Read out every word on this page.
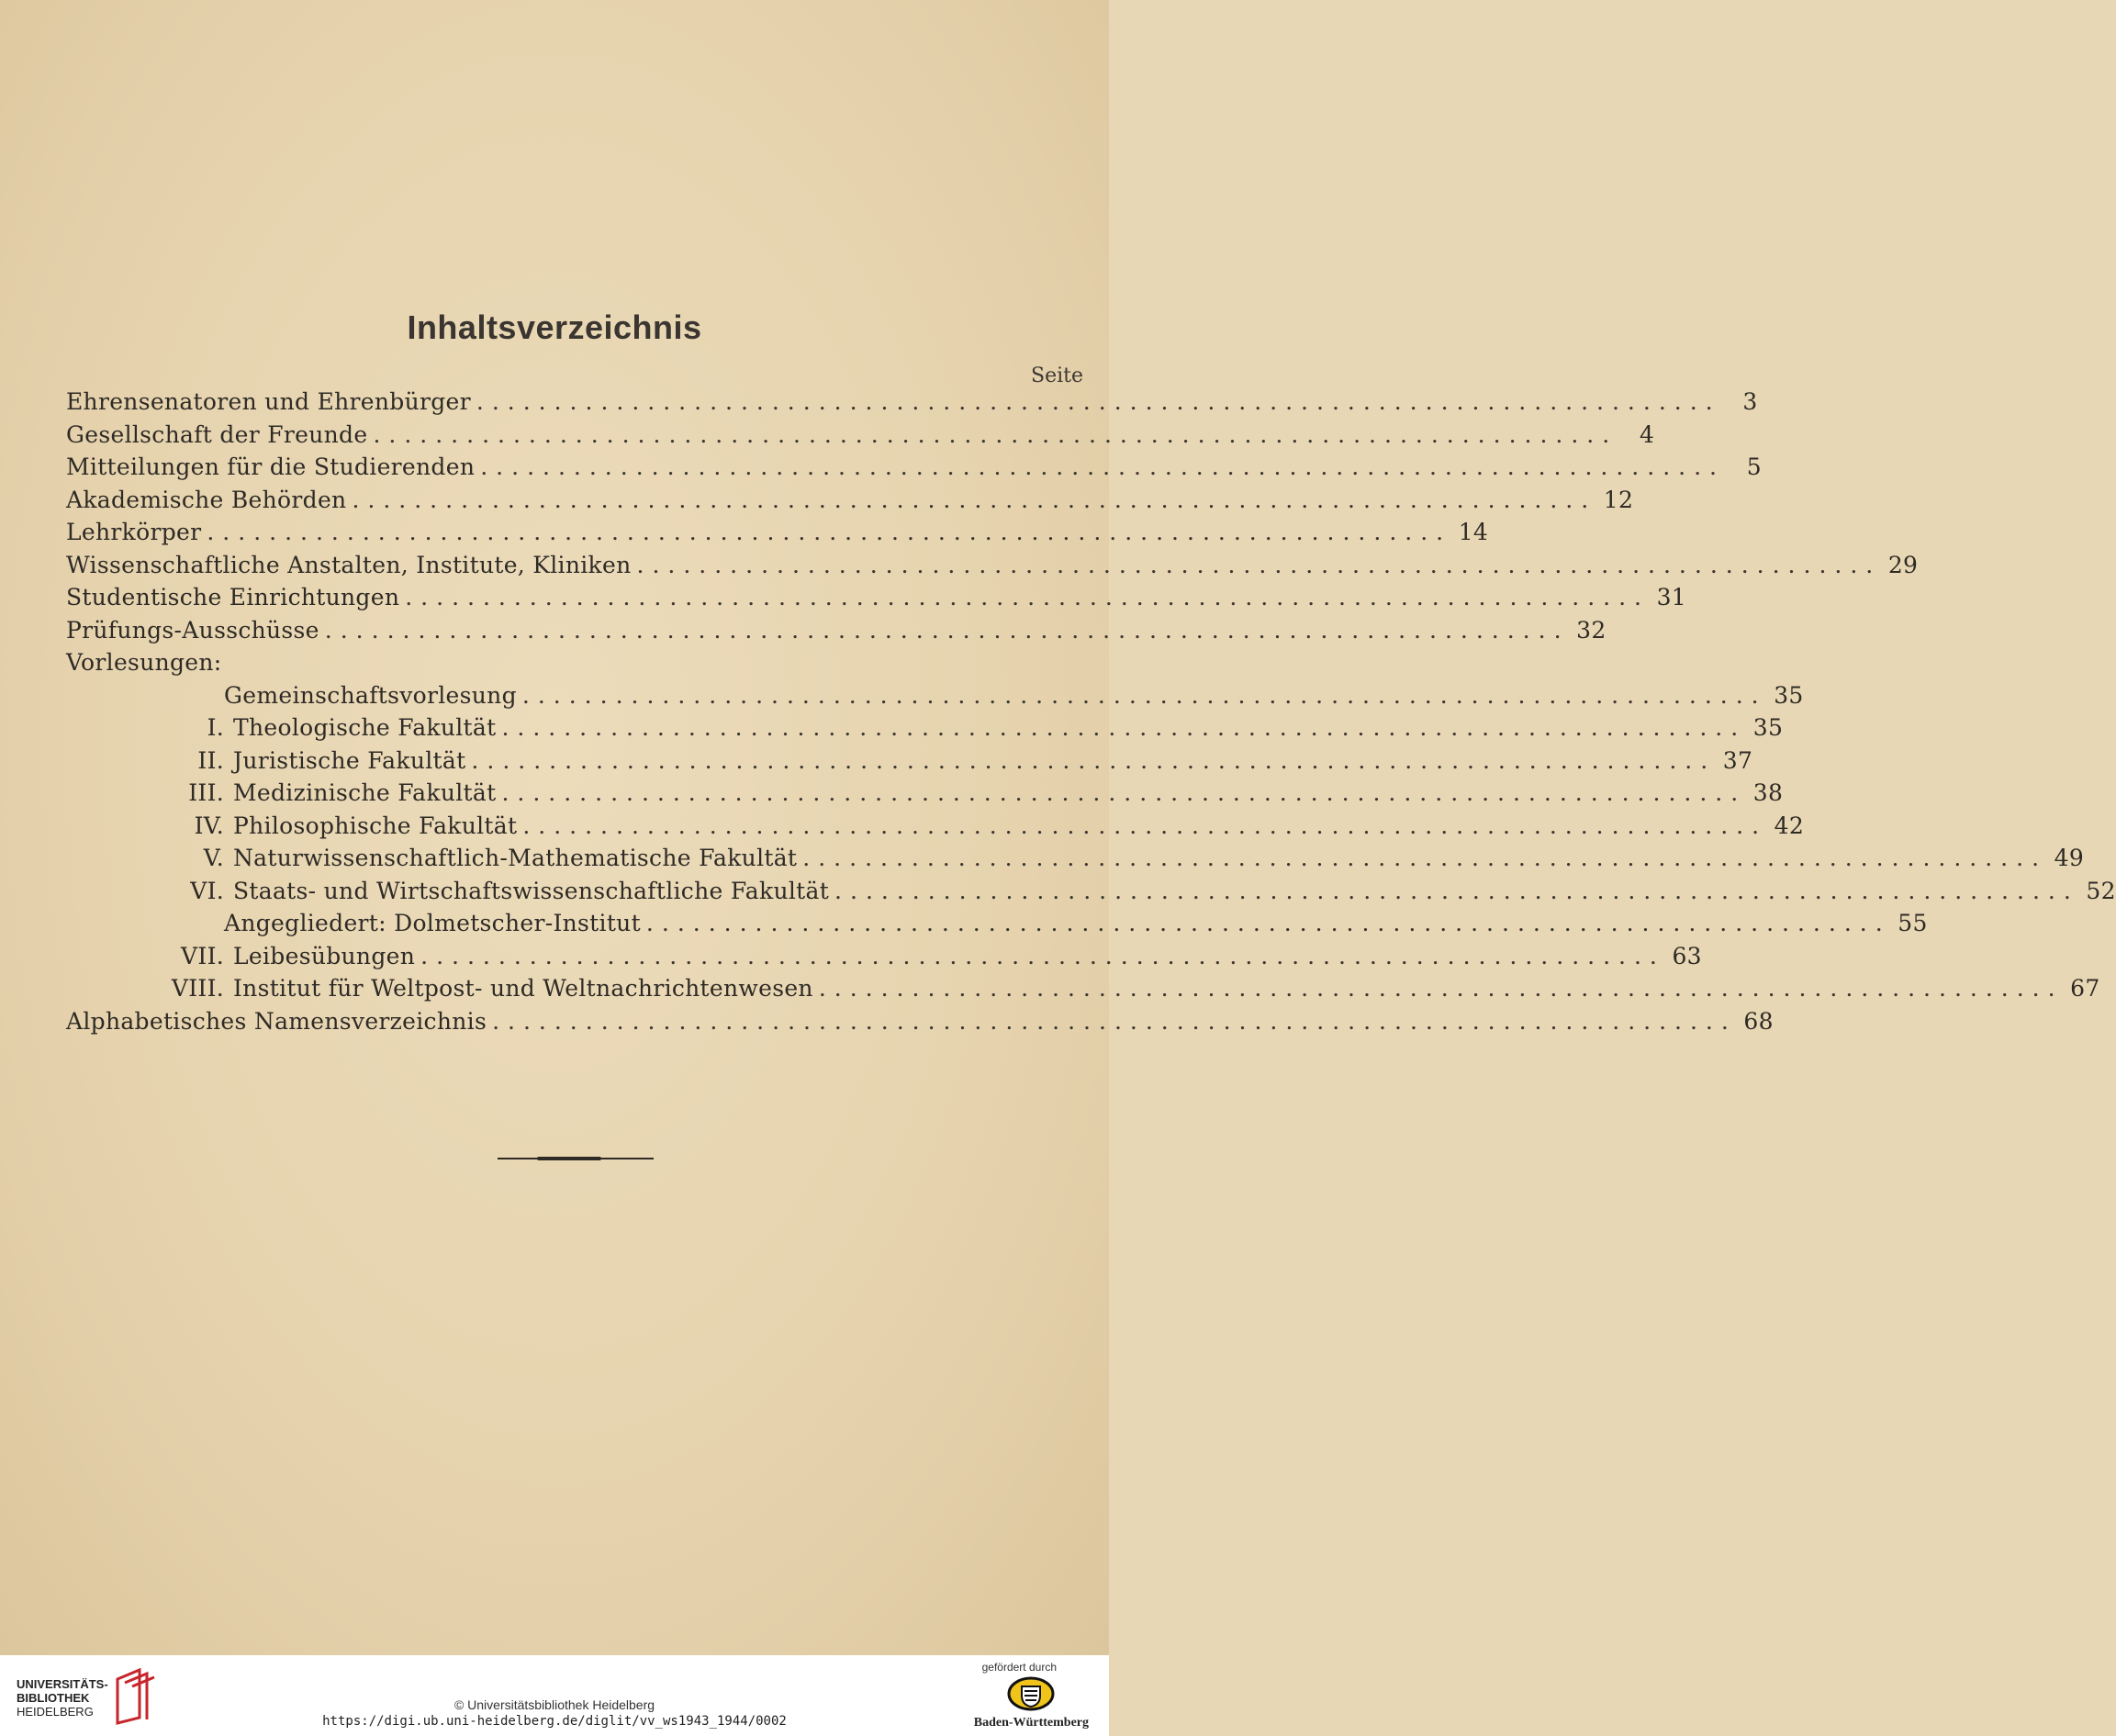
Inhaltsverzeichnis
Seite
Ehrensenatoren und Ehrenbürger ................................................................................ 3
Gesellschaft der Freunde ................................................................................ 4
Mitteilungen für die Studierenden ................................................................................ 5
Akademische Behörden ................................................................................ 12
Lehrkörper ................................................................................ 14
Wissenschaftliche Anstalten, Institute, Kliniken ................................................................................ 29
Studentische Einrichtungen ................................................................................ 31
Prüfungs-Ausschüsse ................................................................................ 32
Vorlesungen:
Gemeinschaftsvorlesung ................................................................................ 35
I. Theologische Fakultät ................................................................................ 35
II. Juristische Fakultät ................................................................................ 37
III. Medizinische Fakultät ................................................................................ 38
IV. Philosophische Fakultät ................................................................................ 42
V. Naturwissenschaftlich-Mathematische Fakultät ................................................................................ 49
VI. Staats- und Wirtschaftswissenschaftliche Fakultät ................................................................................ 52
Angegliedert: Dolmetscher-Institut ................................................................................ 55
VII. Leibesübungen ................................................................................ 63
VIII. Institut für Weltpost- und Weltnachrichtenwesen ................................................................................ 67
Alphabetisches Namensverzeichnis ................................................................................ 68
UNIVERSITÄTS-
BIBLIOTHEK
HEIDELBERG	© Universitätsbibliothek Heidelberg
https://digi.ub.uni-heidelberg.de/diglit/vv_ws1943_1944/0002
gefördert durch
Baden-Württemberg
